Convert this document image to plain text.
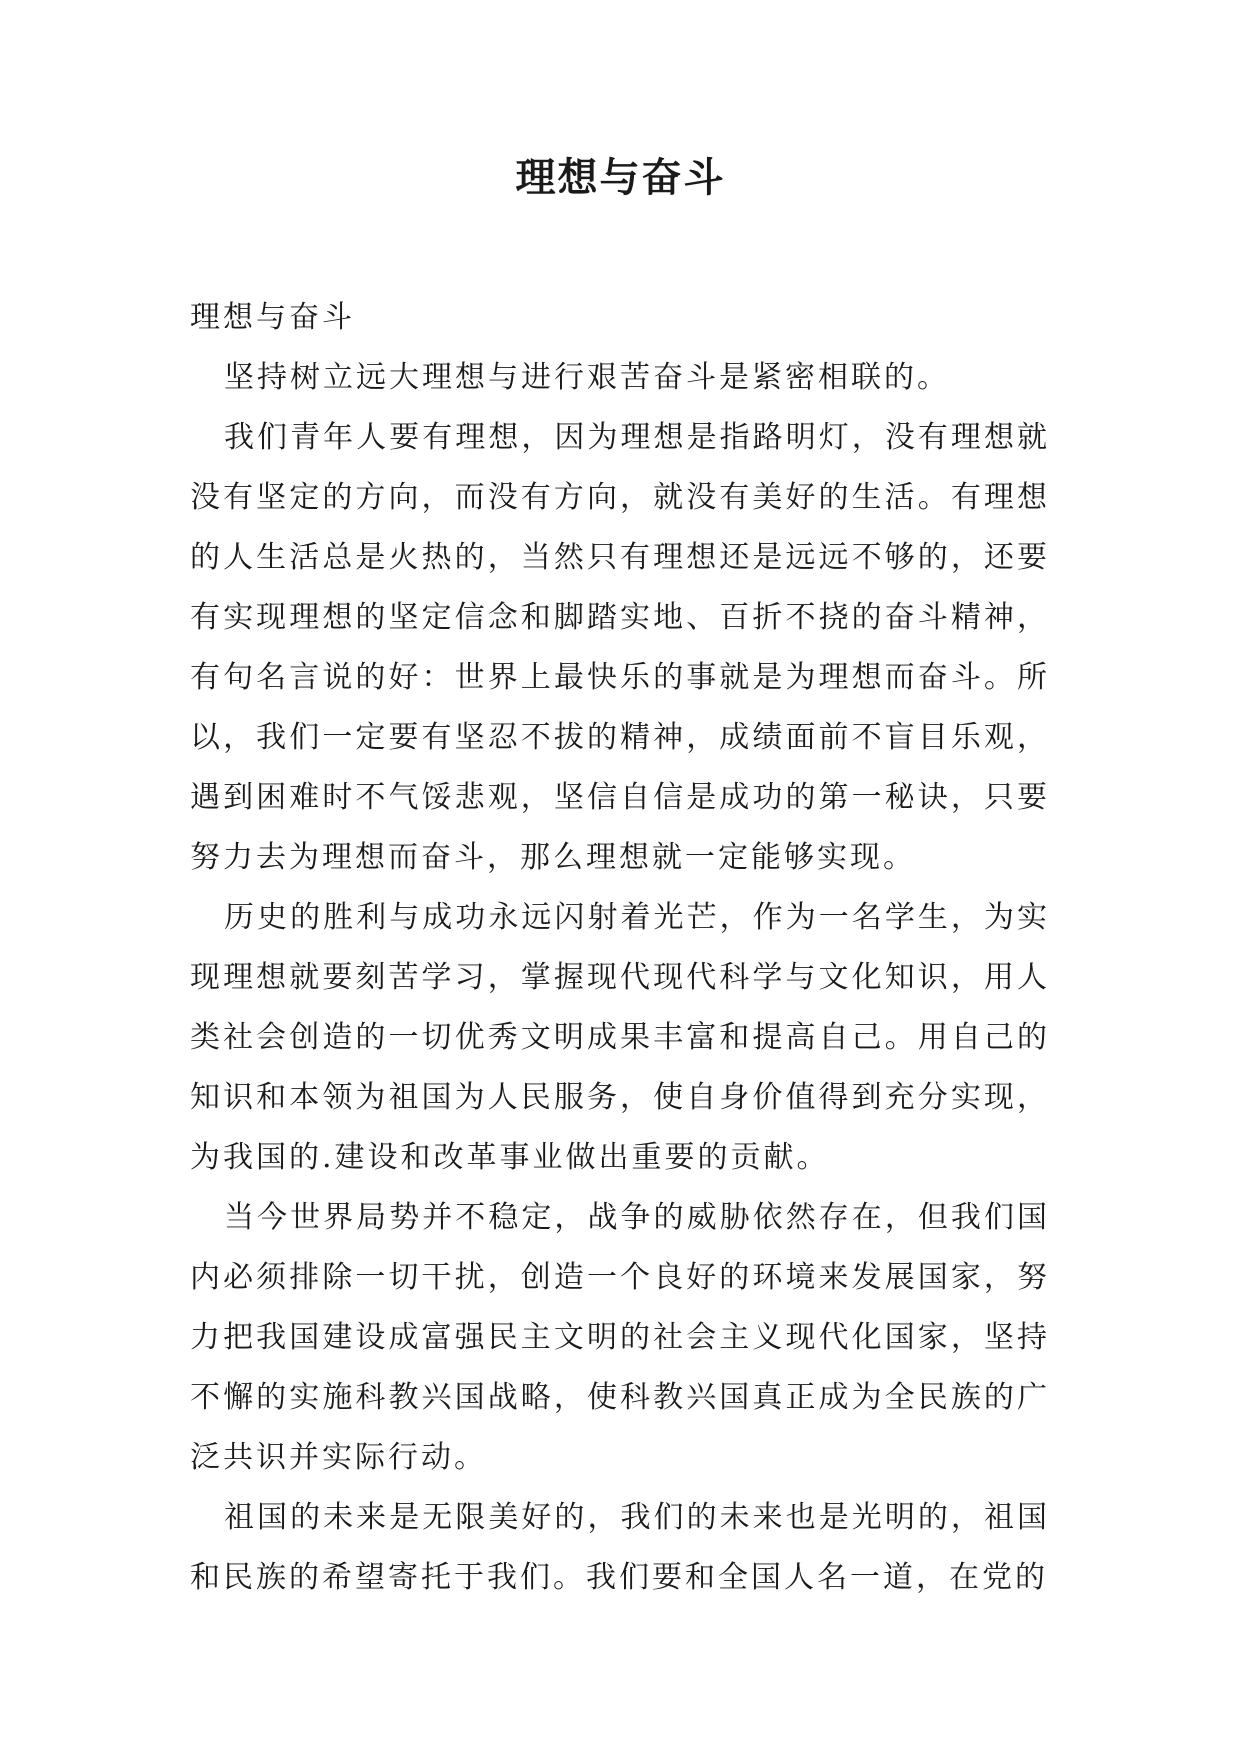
理想与奋斗

理想与奋斗

坚持树立远大理想与进行艰苦奋斗是紧密相联的。

我们青年人要有理想，因为理想是指路明灯，没有理想就没有坚定的方向，而没有方向，就没有美好的生活。有理想的人生活总是火热的，当然只有理想还是远远不够的，还要有实现理想的坚定信念和脚踏实地、百折不挠的奋斗精神，有句名言说的好：世界上最快乐的事就是为理想而奋斗。所以，我们一定要有坚忍不拔的精神，成绩面前不盲目乐观，遇到困难时不气馁悲观，坚信自信是成功的第一秘诀，只要努力去为理想而奋斗，那么理想就一定能够实现。

历史的胜利与成功永远闪射着光芒，作为一名学生，为实现理想就要刻苦学习，掌握现代现代科学与文化知识，用人类社会创造的一切优秀文明成果丰富和提高自己。用自己的知识和本领为祖国为人民服务，使自身价值得到充分实现，为我国的.建设和改革事业做出重要的贡献。

当今世界局势并不稳定，战争的威胁依然存在，但我们国内必须排除一切干扰，创造一个良好的环境来发展国家，努力把我国建设成富强民主文明的社会主义现代化国家，坚持不懈的实施科教兴国战略，使科教兴国真正成为全民族的广泛共识并实际行动。

祖国的未来是无限美好的，我们的未来也是光明的，祖国和民族的希望寄托于我们。我们要和全国人名一道，在党的
